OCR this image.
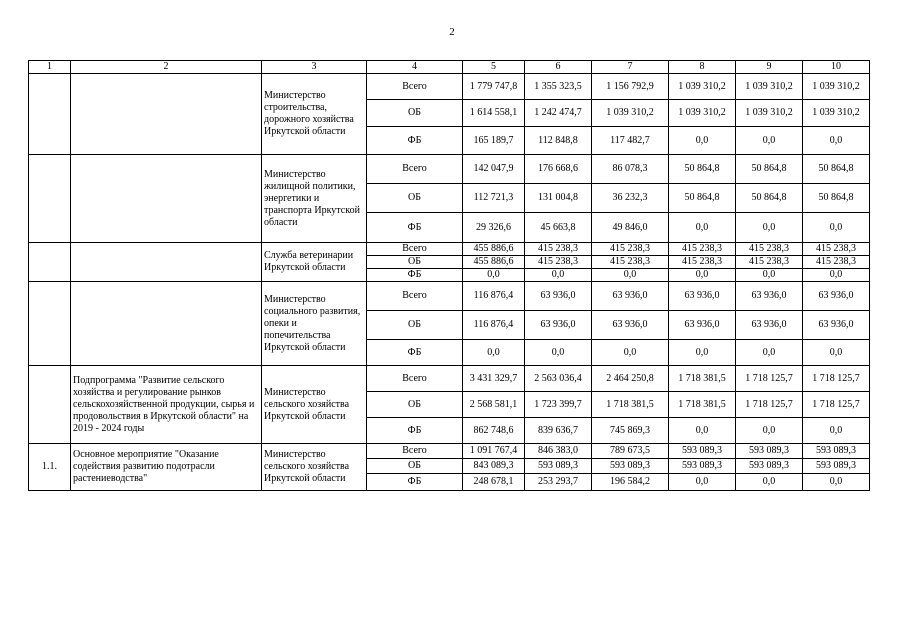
2
1	2	3	4	5	6	7	8	9	10
		Министерство строительства, дорожного хозяйства Иркутской области	Всего	1 779 747,8	1 355 323,5	1 156 792,9	1 039 310,2	1 039 310,2	1 039 310,2
			ОБ	1 614 558,1	1 242 474,7	1 039 310,2	1 039 310,2	1 039 310,2	1 039 310,2
			ФБ	165 189,7	112 848,8	117 482,7	0,0	0,0	0,0
		Министерство жилищной политики, энергетики и транспорта Иркутской области	Всего	142 047,9	176 668,6	86 078,3	50 864,8	50 864,8	50 864,8
			ОБ	112 721,3	131 004,8	36 232,3	50 864,8	50 864,8	50 864,8
			ФБ	29 326,6	45 663,8	49 846,0	0,0	0,0	0,0
		Служба ветеринарии Иркутской области	Всего	455 886,6	415 238,3	415 238,3	415 238,3	415 238,3	415 238,3
			ОБ	455 886,6	415 238,3	415 238,3	415 238,3	415 238,3	415 238,3
			ФБ	0,0	0,0	0,0	0,0	0,0	0,0
		Министерство социального развития, опеки и попечительства Иркутской области	Всего	116 876,4	63 936,0	63 936,0	63 936,0	63 936,0	63 936,0
			ОБ	116 876,4	63 936,0	63 936,0	63 936,0	63 936,0	63 936,0
			ФБ	0,0	0,0	0,0	0,0	0,0	0,0
	Подпрограмма "Развитие сельского хозяйства и регулирование рынков сельскохозяйственной продукции, сырья и продовольствия в Иркутской области" на 2019 - 2024 годы	Министерство сельского хозяйства Иркутской области	Всего	3 431 329,7	2 563 036,4	2 464 250,8	1 718 381,5	1 718 125,7	1 718 125,7
			ОБ	2 568 581,1	1 723 399,7	1 718 381,5	1 718 381,5	1 718 125,7	1 718 125,7
			ФБ	862 748,6	839 636,7	745 869,3	0,0	0,0	0,0
1.1.	Основное мероприятие "Оказание содействия развитию подотрасли растениеводства"	Министерство сельского хозяйства Иркутской области	Всего	1 091 767,4	846 383,0	789 673,5	593 089,3	593 089,3	593 089,3
			ОБ	843 089,3	593 089,3	593 089,3	593 089,3	593 089,3	593 089,3
			ФБ	248 678,1	253 293,7	196 584,2	0,0	0,0	0,0
